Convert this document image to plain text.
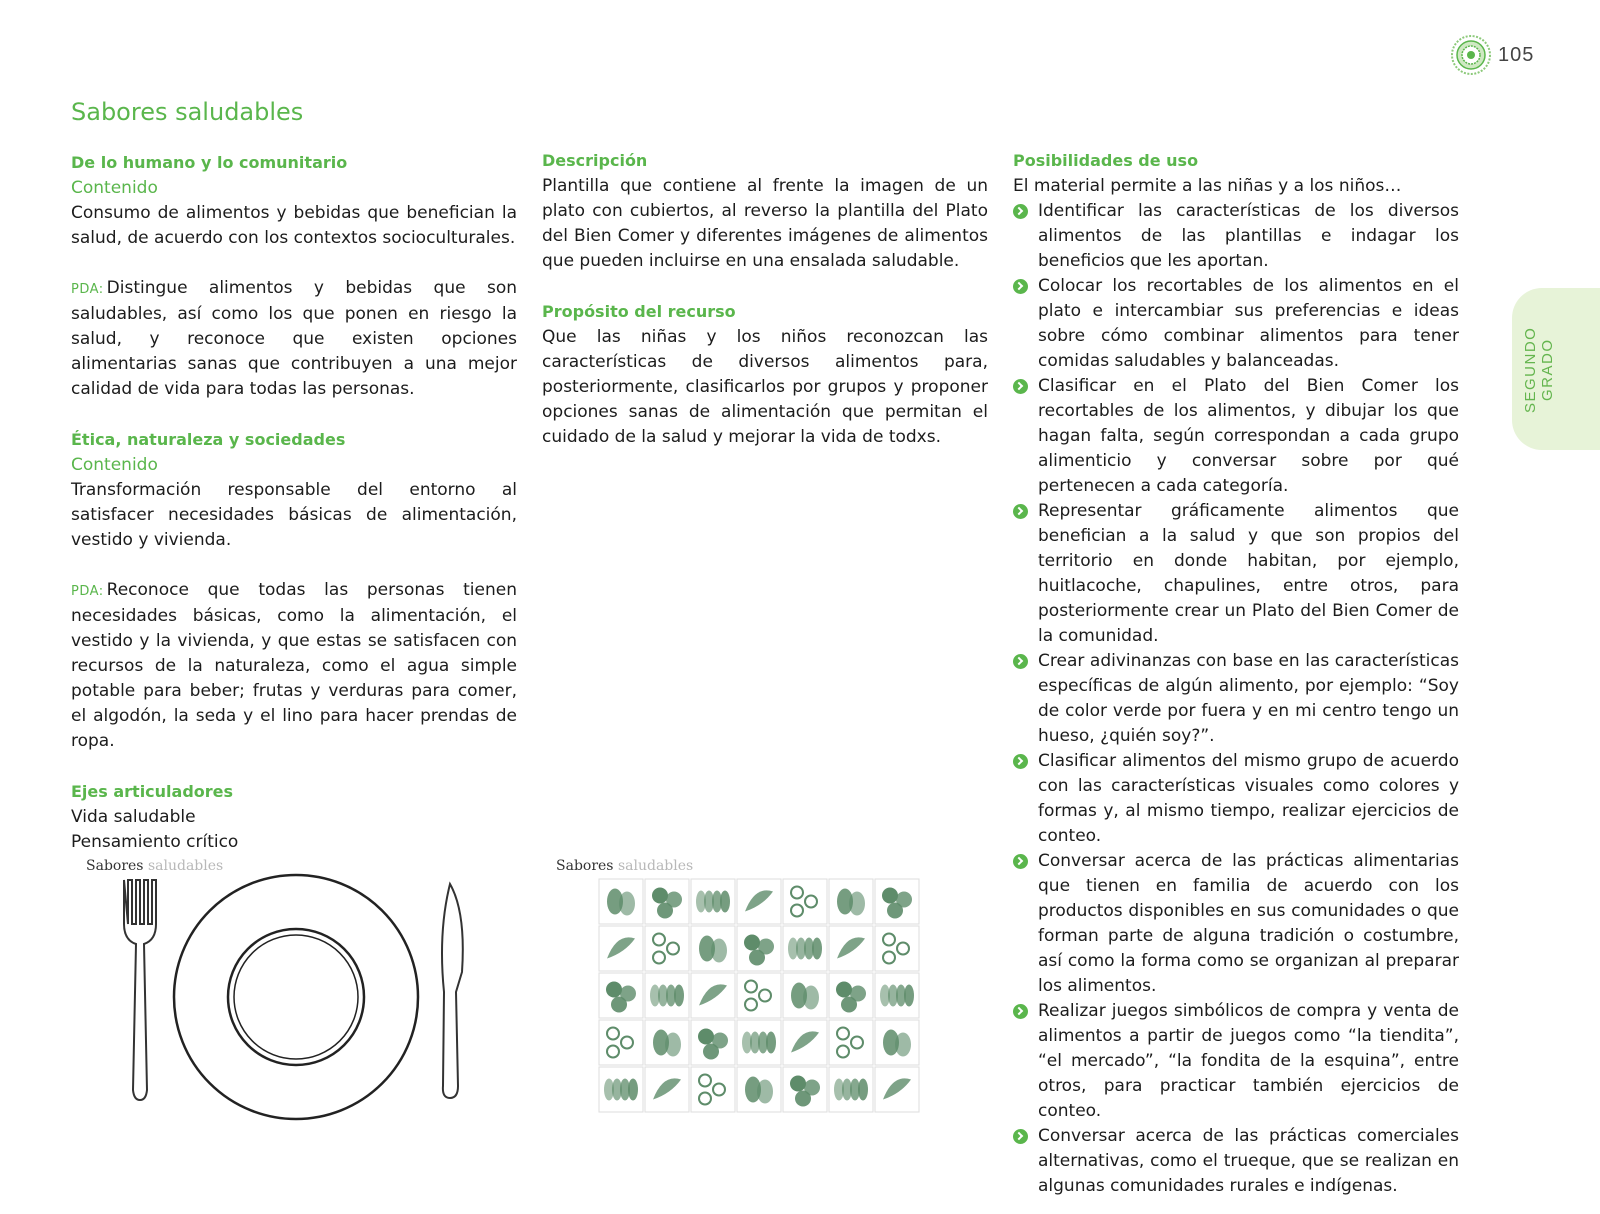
105
SEGUNDO GRADO
Sabores saludables
De lo humano y lo comunitario
Contenido

Consumo de alimentos y bebidas que benefician la salud, de acuerdo con los contextos socioculturales.

PDA: Distingue alimentos y bebidas que son saludables, así como los que ponen en riesgo la salud, y reconoce que existen opciones alimentarias sanas que contribuyen a una mejor calidad de vida para todas las personas.

Ética, naturaleza y sociedades
Contenido

Transformación responsable del entorno al satisfacer necesidades básicas de alimentación, vestido y vivienda.

PDA: Reconoce que todas las personas tienen necesidades básicas, como la alimentación, el vestido y la vivienda, y que estas se satisfacen con recursos de la naturaleza, como el agua simple potable para beber; frutas y verduras para comer, el algodón, la seda y el lino para hacer prendas de ropa.

Ejes articuladores

Vida saludable

Pensamiento crítico

Descripción

Plantilla que contiene al frente la imagen de un plato con cubiertos, al reverso la plantilla del Plato del Bien Comer y diferentes imágenes de alimentos que pueden incluirse en una ensalada saludable.

Propósito del recurso

Que las niñas y los niños reconozcan las características de diversos alimentos para, posteriormente, clasificarlos por grupos y proponer opciones sanas de alimentación que permitan el cuidado de la salud y mejorar la vida de todxs.

Posibilidades de uso

El material permite a las niñas y a los niños…

Identificar las características de los diversos alimentos de las plantillas e indagar los beneficios que les aportan.
Colocar los recortables de los alimentos en el plato e intercambiar sus preferencias e ideas sobre cómo combinar alimentos para tener comidas saludables y balanceadas.
Clasificar en el Plato del Bien Comer los recortables de los alimentos, y dibujar los que hagan falta, según correspondan a cada grupo alimenticio y conversar sobre por qué pertenecen a cada categoría.
Representar gráficamente alimentos que benefician a la salud y que son propios del territorio en donde habitan, por ejemplo, huitlacoche, chapulines, entre otros, para posteriormente crear un Plato del Bien Comer de la comunidad.
Crear adivinanzas con base en las características específicas de algún alimento, por ejemplo: “Soy de color verde por fuera y en mi centro tengo un hueso, ¿quién soy?”.
Clasificar alimentos del mismo grupo de acuerdo con las características visuales como colores y formas y, al mismo tiempo, realizar ejercicios de conteo.
Conversar acerca de las prácticas alimentarias que tienen en familia de acuerdo con los productos disponibles en sus comunidades o que forman parte de alguna tradición o costumbre, así como la forma como se organizan al preparar los alimentos.
Realizar juegos simbólicos de compra y venta de alimentos a partir de juegos como “la tiendita”, “el mercado”, “la fondita de la esquina”, entre otros, para practicar también ejercicios de conteo.
Conversar acerca de las prácticas comerciales alternativas, como el trueque, que se realizan en algunas comunidades rurales e indígenas.
Sabores saludables	Sabores saludables
